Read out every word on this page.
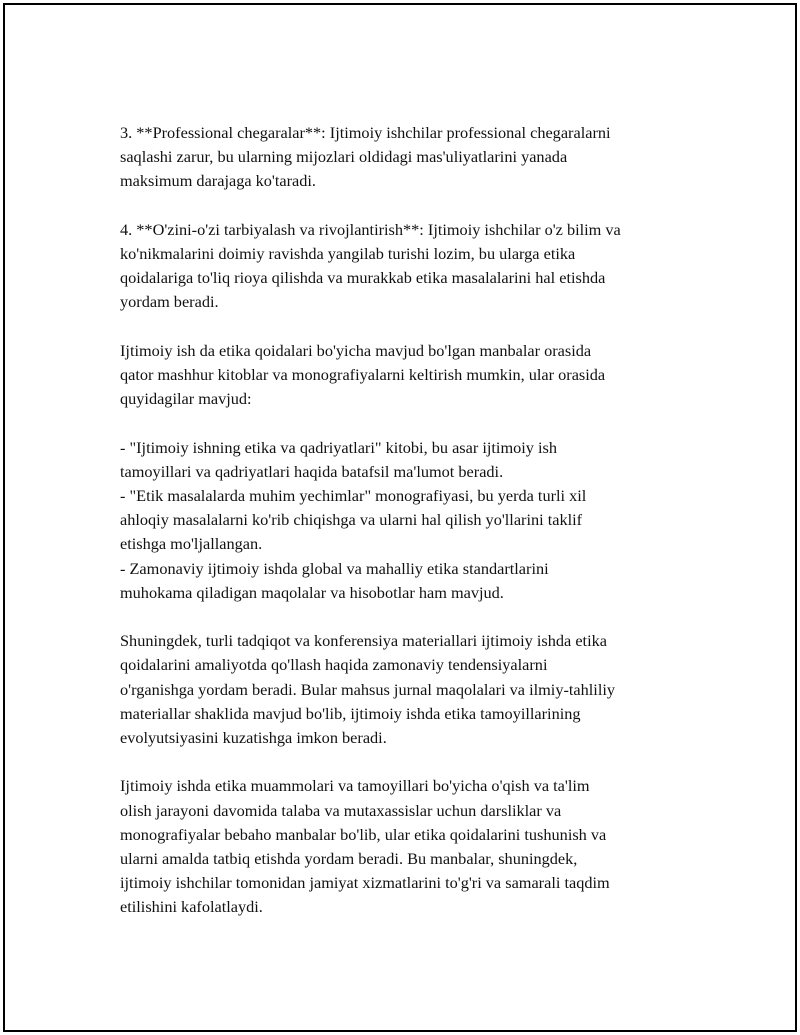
3. **Professional chegaralar**: Ijtimoiy ishchilar professional chegaralarni
saqlashi zarur, bu ularning mijozlari oldidagi mas'uliyatlarini yanada
maksimum darajaga ko'taradi.

4. **O'zini-o'zi tarbiyalash va rivojlantirish**: Ijtimoiy ishchilar o'z bilim va
ko'nikmalarini doimiy ravishda yangilab turishi lozim, bu ularga etika
qoidalariga to'liq rioya qilishda va murakkab etika masalalarini hal etishda
yordam beradi.

Ijtimoiy ish da etika qoidalari bo'yicha mavjud bo'lgan manbalar orasida
qator mashhur kitoblar va monografiyalarni keltirish mumkin, ular orasida
quyidagilar mavjud:

- "Ijtimoiy ishning etika va qadriyatlari" kitobi, bu asar ijtimoiy ish
tamoyillari va qadriyatlari haqida batafsil ma'lumot beradi.
- "Etik masalalarda muhim yechimlar" monografiyasi, bu yerda turli xil
ahloqiy masalalarni ko'rib chiqishga va ularni hal qilish yo'llarini taklif
etishga mo'ljallangan.
- Zamonaviy ijtimoiy ishda global va mahalliy etika standartlarini
muhokama qiladigan maqolalar va hisobotlar ham mavjud.

Shuningdek, turli tadqiqot va konferensiya materiallari ijtimoiy ishda etika
qoidalarini amaliyotda qo'llash haqida zamonaviy tendensiyalarni
o'rganishga yordam beradi. Bular mahsus jurnal maqolalari va ilmiy-tahliliy
materiallar shaklida mavjud bo'lib, ijtimoiy ishda etika tamoyillarining
evolyutsiyasini kuzatishga imkon beradi.

Ijtimoiy ishda etika muammolari va tamoyillari bo'yicha o'qish va ta'lim
olish jarayoni davomida talaba va mutaxassislar uchun darsliklar va
monografiyalar bebaho manbalar bo'lib, ular etika qoidalarini tushunish va
ularni amalda tatbiq etishda yordam beradi. Bu manbalar, shuningdek,
ijtimoiy ishchilar tomonidan jamiyat xizmatlarini to'g'ri va samarali taqdim
etilishini kafolatlaydi.
